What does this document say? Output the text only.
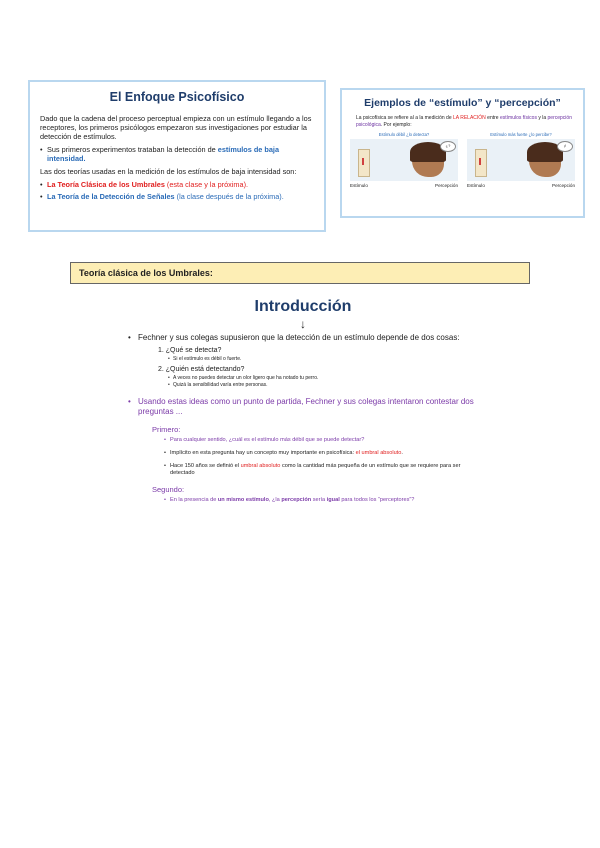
El Enfoque Psicofísico

Dado que la cadena del proceso perceptual empieza con un estímulo llegando a los receptores, los primeros psicólogos empezaron sus investigaciones por estudiar la detección de estímulos.

• Sus primeros experimentos trataban la detección de estímulos de baja intensidad.

Las dos teorías usadas en la medición de los estímulos de baja intensidad son:

• La Teoría Clásica de los Umbrales (esta clase y la próxima).
• La Teoría de la Detección de Señales (la clase después de la próxima).
Ejemplos de “estímulo” y “percepción”
La psicofísica se refiere al a la medición de LA RELACIÓN entre estímulos físicos y la percepción psicológica. Por ejemplo:
Estímulo débil ¿lo detecta?
¿?
Estímulo	Percepción
Estímulo más fuerte ¿lo percibe?
¡!
Estímulo	Percepción
Teoría clásica de los Umbrales:
Introducción
↓
• Fechner y sus colegas supusieron que la detección de un estímulo depende de dos cosas:
1. ¿Qué se detecta?
• Si el estímulo es débil o fuerte.
2. ¿Quién está detectando?
• A veces no puedes detectar un olor ligero que ha notado tu perro.
• Quizá la sensibilidad varía entre personas.
• Usando estas ideas como un punto de partida, Fechner y sus colegas intentaron contestar dos preguntas ...
Primero:
• Para cualquier sentido, ¿cuál es el estímulo más débil que se puede detectar?
• Implícito en esta pregunta hay un concepto muy importante en psicofísica: el umbral absoluto.
• Hace 150 años se definió el umbral absoluto como la cantidad más pequeña de un estímulo que se requiere para ser detectado
Segundo:
• En la presencia de un mismo estímulo, ¿la percepción sería igual para todos los “perceptores”?
